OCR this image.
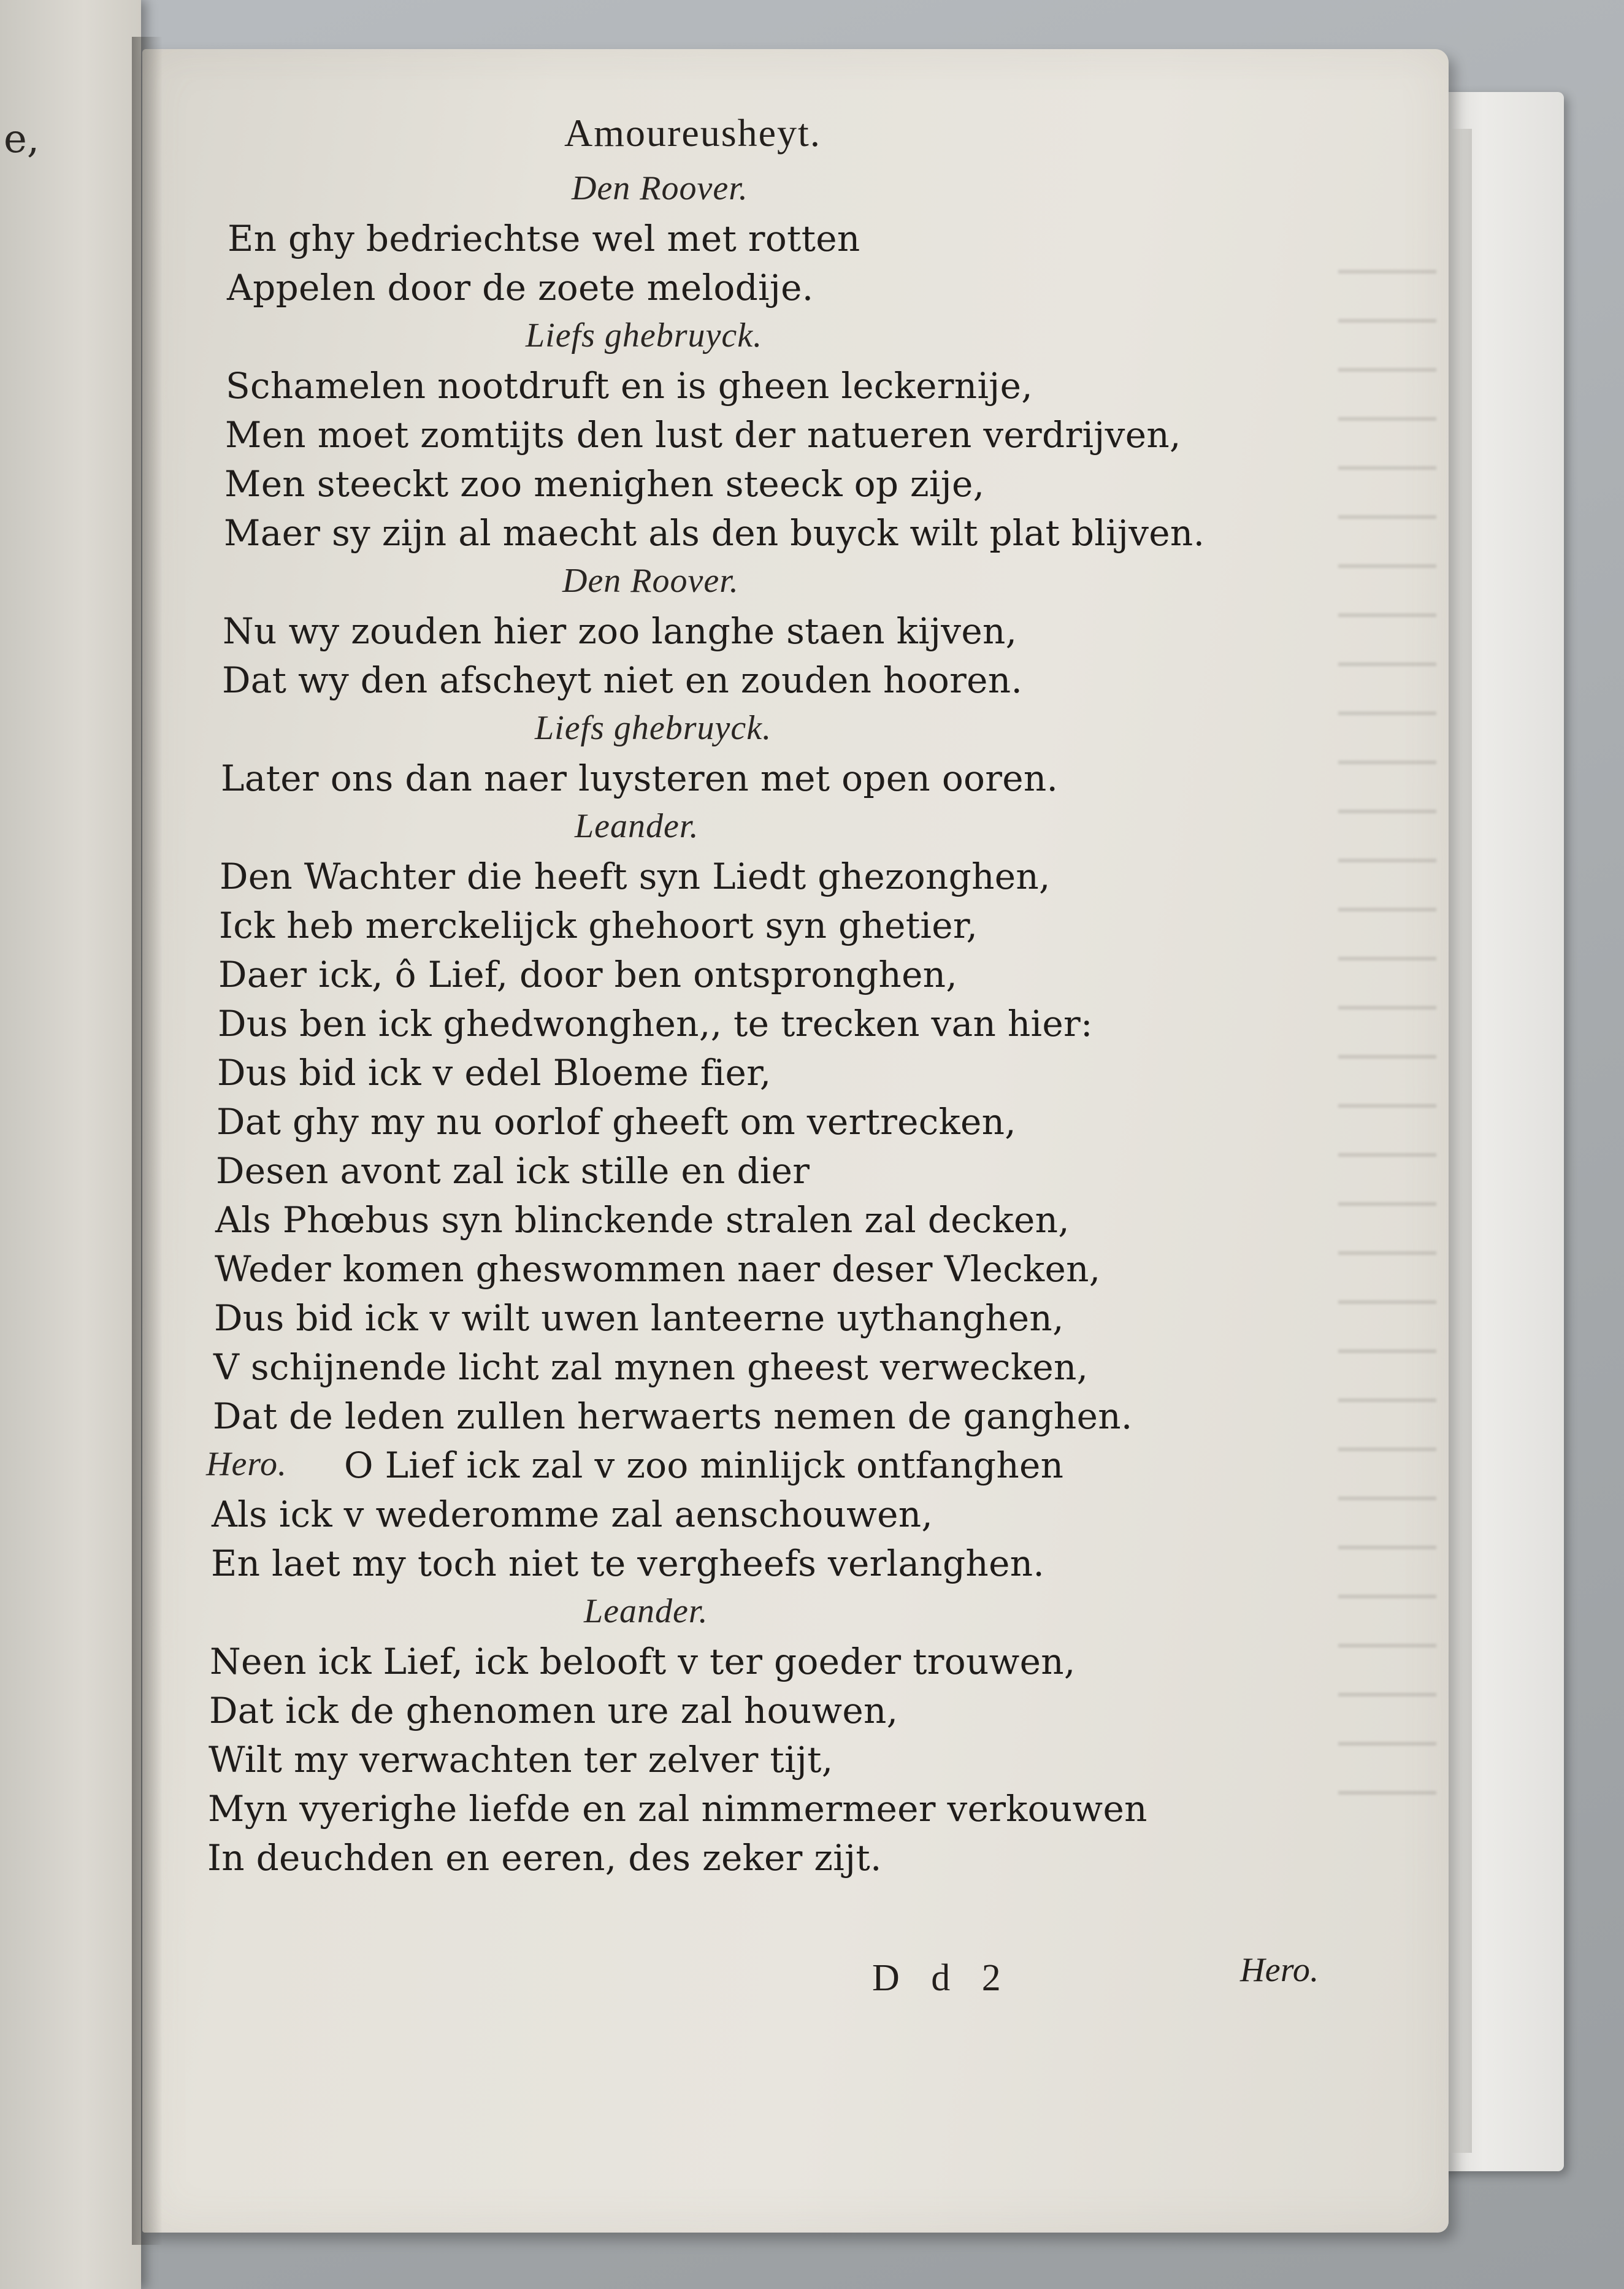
e,	Amoureusheyt.
D d 2	Hero.
Den Roover.
En ghy bedriechtse wel met rotten
Appelen door de zoete melodije.
Liefs ghebruyck.
Schamelen nootdruft en is gheen leckernije,
Men moet zomtijts den lust der natueren verdrijven,
Men steeckt zoo menighen steeck op zije,
Maer sy zijn al maecht als den buyck wilt plat blijven.
Den Roover.
Nu wy zouden hier zoo langhe staen kijven,
Dat wy den afscheyt niet en zouden hooren.
Liefs ghebruyck.
Later ons dan naer luysteren met open ooren.
Leander.
Den Wachter die heeft syn Liedt ghezonghen,
Ick heb merckelijck ghehoort syn ghetier,
Daer ick, ô Lief, door ben ontspronghen,
Dus ben ick ghedwonghen,, te trecken van hier:
Dus bid ick v edel Bloeme fier,
Dat ghy my nu oorlof gheeft om vertrecken,
Desen avont zal ick stille en dier
Als Phœbus syn blinckende stralen zal decken,
Weder komen gheswommen naer deser Vlecken,
Dus bid ick v wilt uwen lanteerne uythanghen,
V schijnende licht zal mynen gheest verwecken,
Dat de leden zullen herwaerts nemen de ganghen.
Hero. O Lief ick zal v zoo minlijck ontfanghen
Als ick v wederomme zal aenschouwen,
En laet my toch niet te vergheefs verlanghen.
Leander.
Neen ick Lief, ick belooft v ter goeder trouwen,
Dat ick de ghenomen ure zal houwen,
Wilt my verwachten ter zelver tijt,
Myn vyerighe liefde en zal nimmermeer verkouwen
In deuchden en eeren, des zeker zijt.
